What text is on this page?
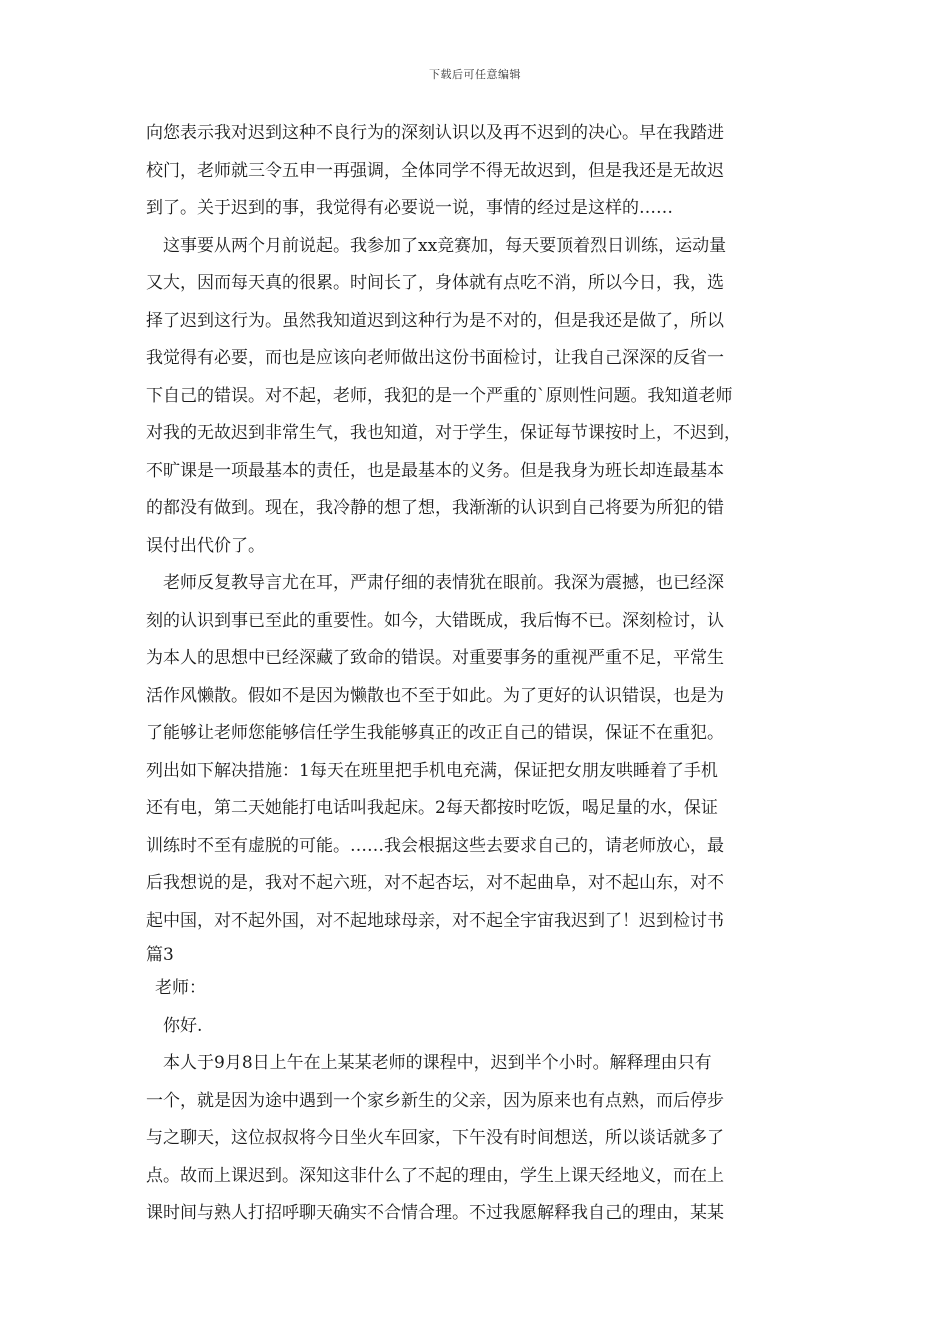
下载后可任意编辑
向您表示我对迟到这种不良行为的深刻认识以及再不迟到的决心。早在我踏进
校门，老师就三令五申一再强调，全体同学不得无故迟到，但是我还是无故迟
到了。关于迟到的事，我觉得有必要说一说，事情的经过是这样的……
这事要从两个月前说起。我参加了xx竞赛加，每天要顶着烈日训练，运动量
又大，因而每天真的很累。时间长了，身体就有点吃不消，所以今日，我，选
择了迟到这行为。虽然我知道迟到这种行为是不对的，但是我还是做了，所以
我觉得有必要，而也是应该向老师做出这份书面检讨，让我自己深深的反省一
下自己的错误。对不起，老师，我犯的是一个严重的`原则性问题。我知道老师
对我的无故迟到非常生气，我也知道，对于学生，保证每节课按时上，不迟到，
不旷课是一项最基本的责任，也是最基本的义务。但是我身为班长却连最基本
的都没有做到。现在，我冷静的想了想，我渐渐的认识到自己将要为所犯的错
误付出代价了。
老师反复教导言尤在耳，严肃仔细的表情犹在眼前。我深为震撼，也已经深
刻的认识到事已至此的重要性。如今，大错既成，我后悔不已。深刻检讨，认
为本人的思想中已经深藏了致命的错误。对重要事务的重视严重不足，平常生
活作风懒散。假如不是因为懒散也不至于如此。为了更好的认识错误，也是为
了能够让老师您能够信任学生我能够真正的改正自己的错误，保证不在重犯。
列出如下解决措施：1每天在班里把手机电充满，保证把女朋友哄睡着了手机
还有电，第二天她能打电话叫我起床。2每天都按时吃饭，喝足量的水，保证
训练时不至有虚脱的可能。……我会根据这些去要求自己的，请老师放心，最
后我想说的是，我对不起六班，对不起杏坛，对不起曲阜，对不起山东，对不
起中国，对不起外国，对不起地球母亲，对不起全宇宙我迟到了！迟到检讨书
篇3
老师：
你好.
本人于9月8日上午在上某某老师的课程中，迟到半个小时。解释理由只有
一个，就是因为途中遇到一个家乡新生的父亲，因为原来也有点熟，而后停步
与之聊天，这位叔叔将今日坐火车回家，下午没有时间想送，所以谈话就多了
点。故而上课迟到。深知这非什么了不起的理由，学生上课天经地义，而在上
课时间与熟人打招呼聊天确实不合情合理。不过我愿解释我自己的理由，某某
